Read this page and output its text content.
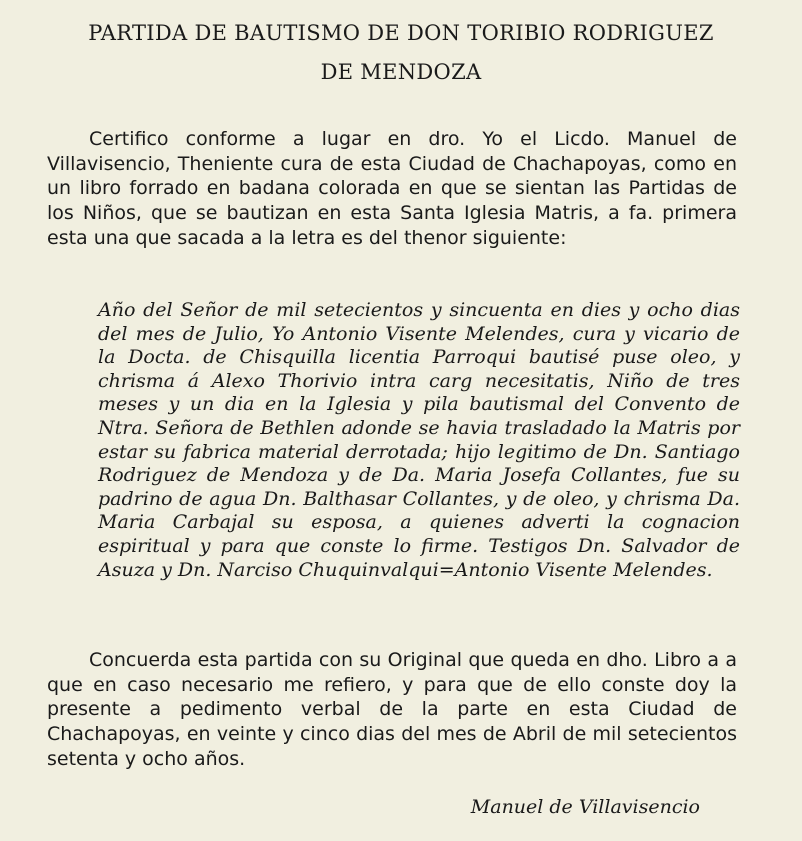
PARTIDA DE BAUTISMO DE DON TORIBIO RODRIGUEZ
DE MENDOZA

Certifico conforme a lugar en dro. Yo el Licdo. Manuel de Villavisencio, Theniente cura de esta Ciudad de Chachapoyas, como en un libro forrado en badana colorada en que se sientan las Partidas de los Niños, que se bautizan en esta Santa Iglesia Matris, a fa. primera esta una que sacada a la letra es del thenor siguiente:

Año del Señor de mil setecientos y sincuenta en dies y ocho dias del mes de Julio, Yo Antonio Visente Melendes, cura y vicario de la Docta. de Chisquilla licentia Parroqui bautisé puse oleo, y chrisma á Alexo Thorivio intra carg necesitatis, Niño de tres meses y un dia en la Iglesia y pila bautismal del Convento de Ntra. Señora de Bethlen adonde se havia trasladado la Matris por estar su fabrica material derrotada; hijo legitimo de Dn. Santiago Rodriguez de Mendoza y de Da. Maria Josefa Collantes, fue su padrino de agua Dn. Balthasar Collantes, y de oleo, y chrisma Da. Maria Carbajal su esposa, a quienes adverti la cognacion espiritual y para que conste lo firme. Testigos Dn. Salvador de Asuza y Dn. Narciso Chuquinvalqui=Antonio Visente Melendes.

Concuerda esta partida con su Original que queda en dho. Libro a a que en caso necesario me refiero, y para que de ello conste doy la presente a pedimento verbal de la parte en esta Ciudad de Chachapoyas, en veinte y cinco dias del mes de Abril de mil setecientos setenta y ocho años.

Manuel de Villavisencio
